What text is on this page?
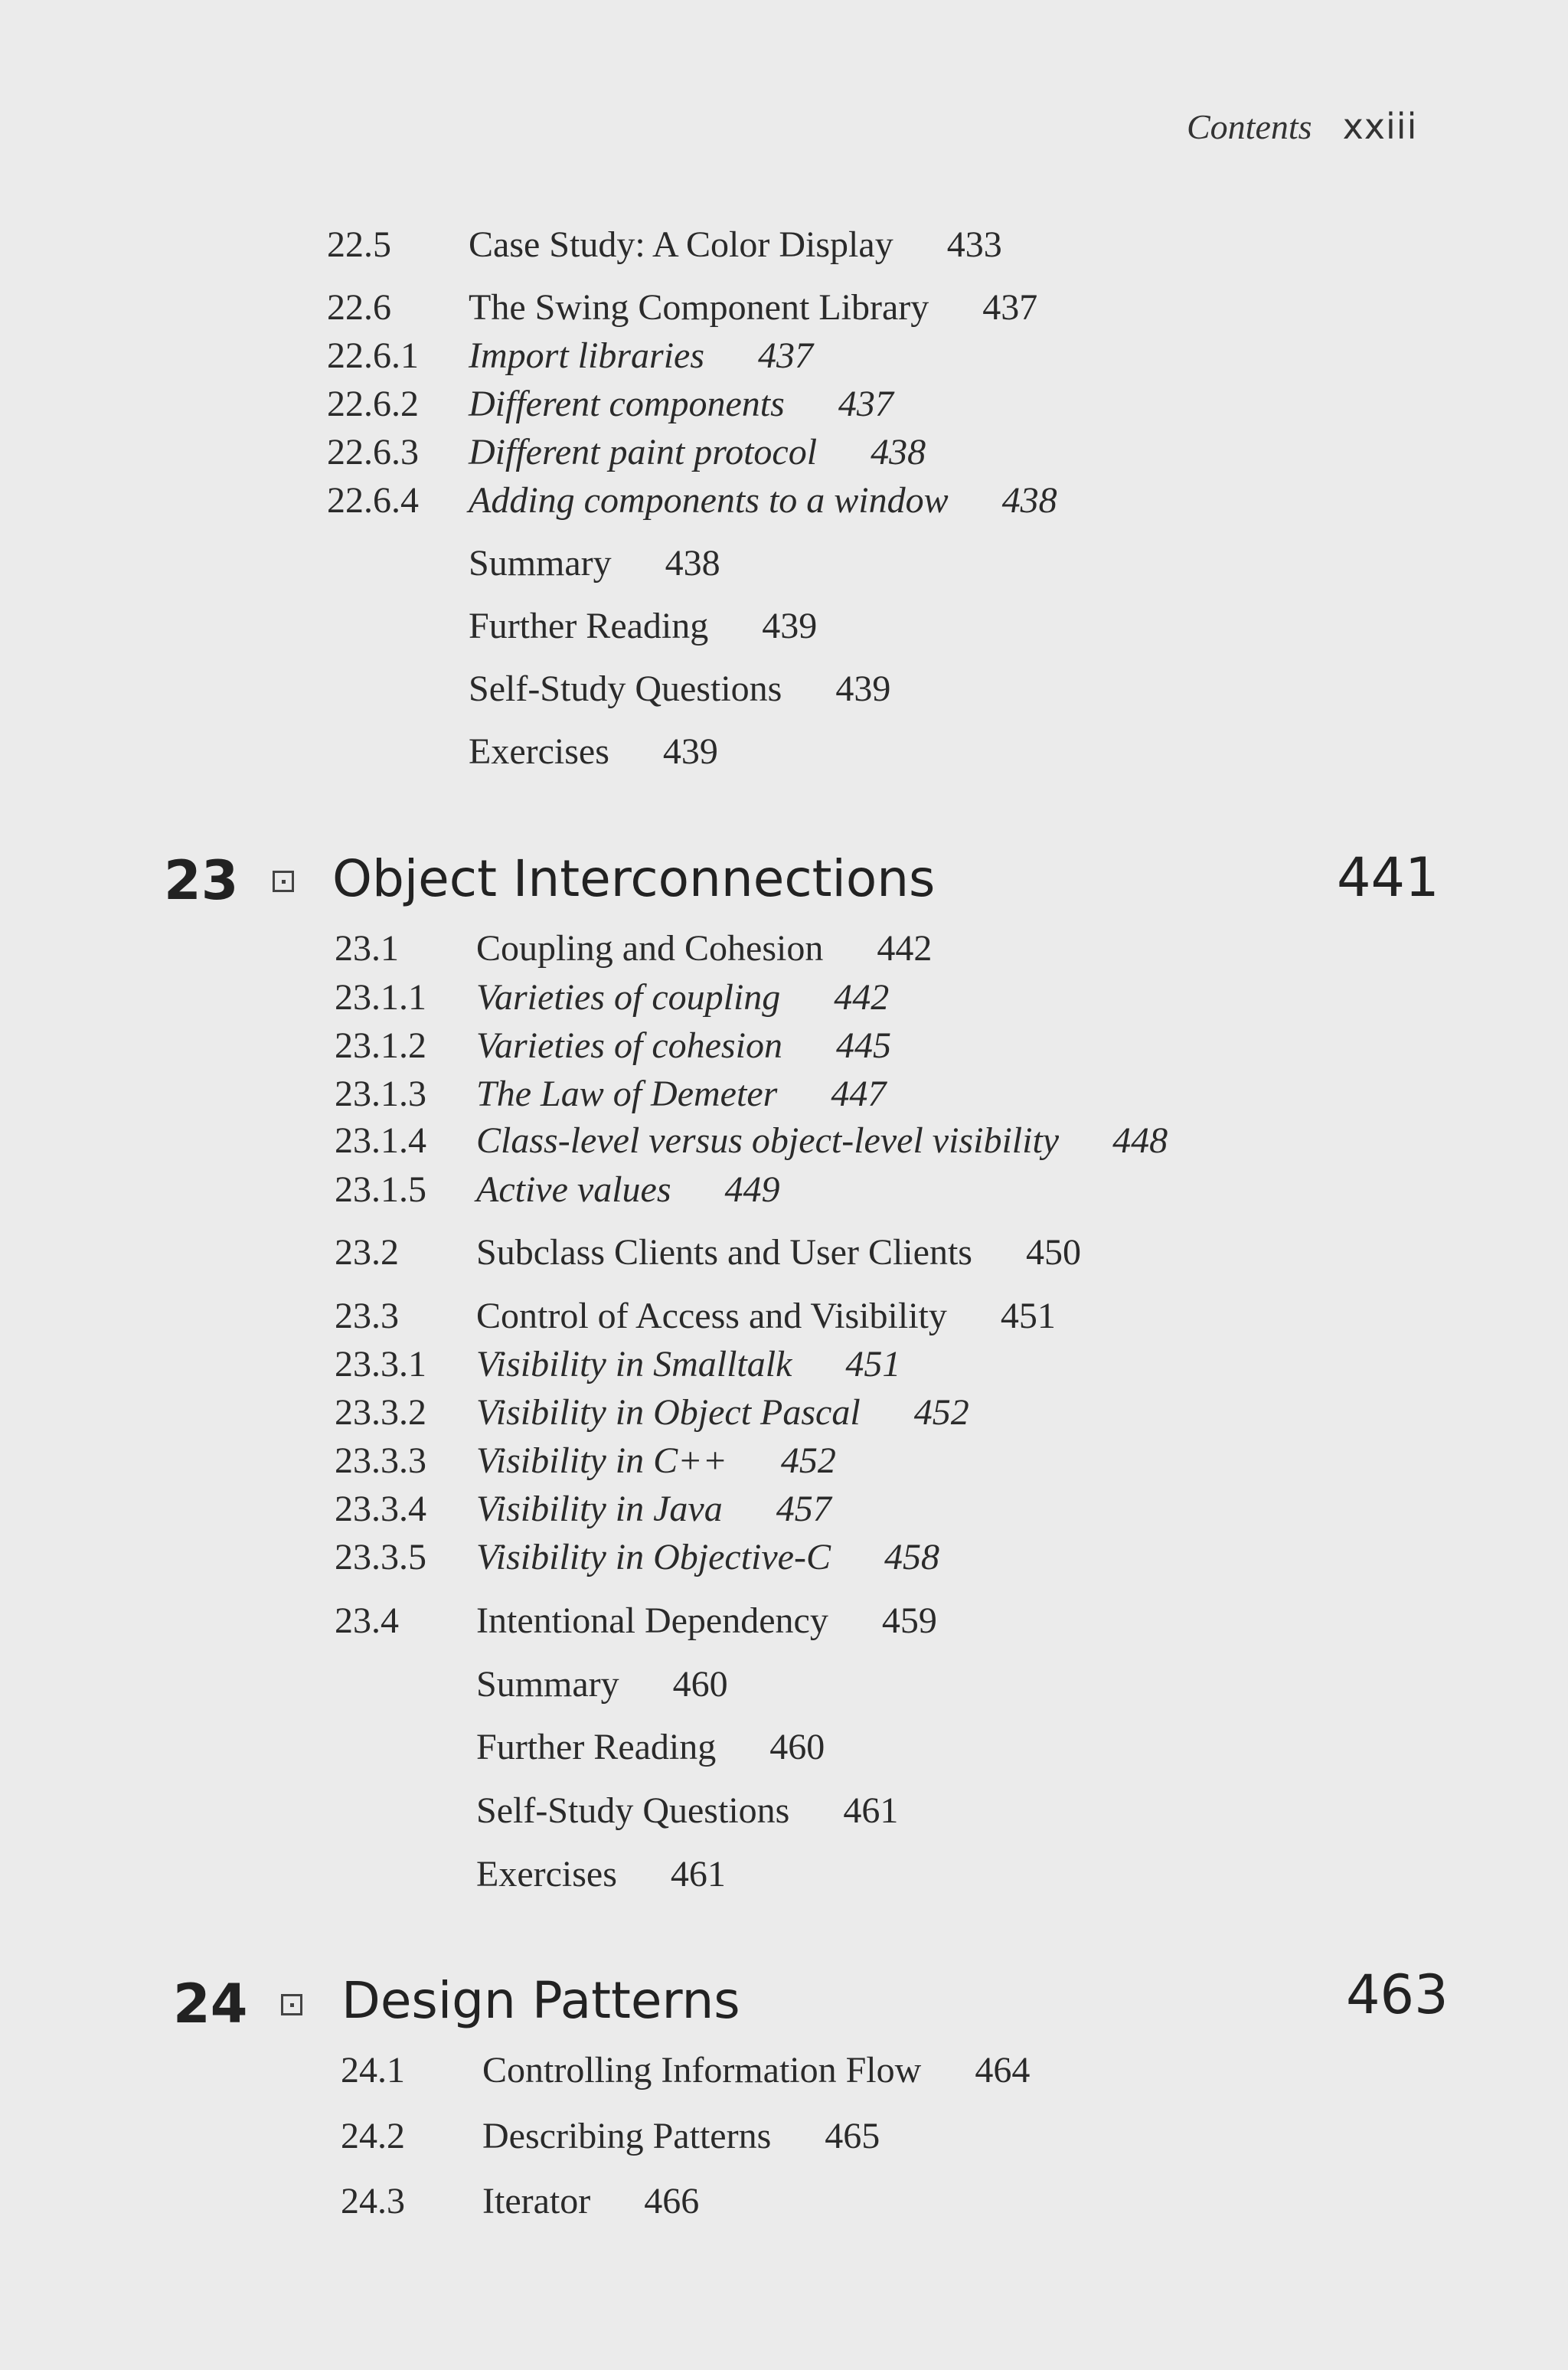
Contents xxiii
22.5 Case Study: A Color Display 433
22.6 The Swing Component Library 437
22.6.1 Import libraries 437
22.6.2 Different components 437
22.6.3 Different paint protocol 438
22.6.4 Adding components to a window 438
Summary 438
Further Reading 439
Self-Study Questions 439
Exercises 439
23 Object Interconnections	441
23.1 Coupling and Cohesion 442
23.1.1 Varieties of coupling 442
23.1.2 Varieties of cohesion 445
23.1.3 The Law of Demeter 447
23.1.4 Class-level versus object-level visibility 448
23.1.5 Active values 449
23.2 Subclass Clients and User Clients 450
23.3 Control of Access and Visibility 451
23.3.1 Visibility in Smalltalk 451
23.3.2 Visibility in Object Pascal 452
23.3.3 Visibility in C++ 452
23.3.4 Visibility in Java 457
23.3.5 Visibility in Objective-C 458
23.4 Intentional Dependency 459
Summary 460
Further Reading 460
Self-Study Questions 461
Exercises 461
24 Design Patterns	463
24.1 Controlling Information Flow 464
24.2 Describing Patterns 465
24.3 Iterator 466
